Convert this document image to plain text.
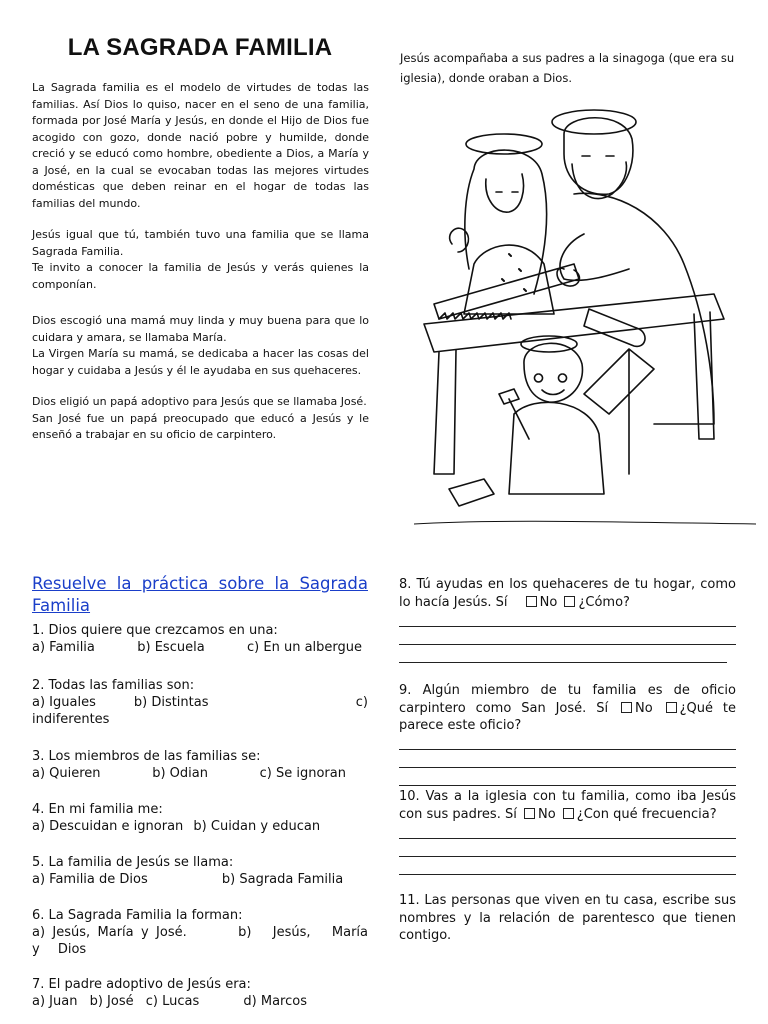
LA SAGRADA FAMILIA

La Sagrada familia es el modelo de virtudes de todas las familias. Así Dios lo quiso, nacer en el seno de una familia, formada por José María y Jesús, en donde el Hijo de Dios fue acogido con gozo, donde nació pobre y humilde, donde creció y se educó como hombre, obediente a Dios, a María y a José, en la cual se evocaban todas las mejores virtudes domésticas que deben reinar en el hogar de todas las familias del mundo.

Jesús igual que tú, también tuvo una familia que se llama Sagrada Familia.
Te invito a conocer la familia de Jesús y verás quienes la componían.

Dios escogió una mamá muy linda y muy buena para que lo cuidara y amara, se llamaba María.
La Virgen María su mamá, se dedicaba a hacer las cosas del hogar y cuidaba a Jesús y él le ayudaba en sus quehaceres.

Dios eligió un papá adoptivo para Jesús que se llamaba José.
San José fue un papá preocupado que educó a Jesús y le enseñó a trabajar en su oficio de carpintero.

Jesús acompañaba a sus padres a la sinagoga (que era su iglesia), donde oraban a Dios.
Resuelve la práctica sobre la Sagrada Familia
1. Dios quiere que crezcamos en una:
a) Familia	b) Escuela	c) En un albergue
2. Todas las familias son:
a) Iguales	b) Distintas	c)
indiferentes
3. Los miembros de las familias se:
a) Quieren	b) Odian	c) Se ignoran
4. En mi familia me:
a) Descuidan e ignoran b) Cuidan y educan
5. La familia de Jesús se llama:
a) Familia de Dios	b) Sagrada Familia
6. La Sagrada Familia la forman:
a) Jesús, María y José.	b) Jesús, María y Dios
7. El padre adoptivo de Jesús era:
a) Juan b) José c) Lucas	d) Marcos
8. Tú ayudas en los quehaceres de tu hogar, como lo hacía Jesús. Sí No ¿Cómo?
9. Algún miembro de tu familia es de oficio carpintero como San José. Sí No ¿Qué te parece este oficio?
10. Vas a la iglesia con tu familia, como iba Jesús con sus padres. Sí No ¿Con qué frecuencia?
11. Las personas que viven en tu casa, escribe sus nombres y la relación de parentesco que tienen contigo.
